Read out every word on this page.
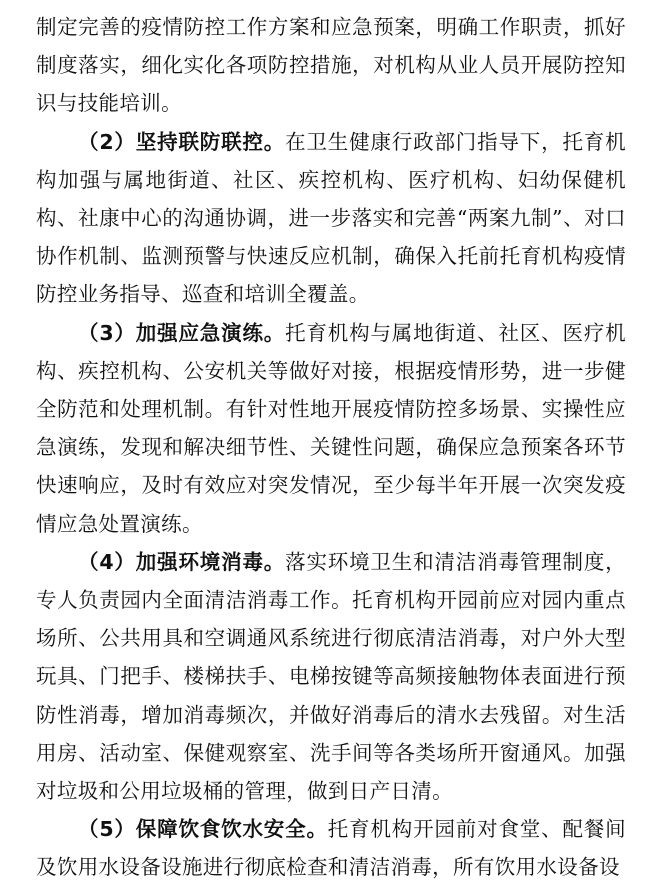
制定完善的疫情防控工作方案和应急预案，明确工作职责，抓好制度落实，细化实化各项防控措施，对机构从业人员开展防控知识与技能培训。

（2）坚持联防联控。在卫生健康行政部门指导下，托育机构加强与属地街道、社区、疾控机构、医疗机构、妇幼保健机构、社康中心的沟通协调，进一步落实和完善“两案九制”、对口协作机制、监测预警与快速反应机制，确保入托前托育机构疫情防控业务指导、巡查和培训全覆盖。

（3）加强应急演练。托育机构与属地街道、社区、医疗机构、疾控机构、公安机关等做好对接，根据疫情形势，进一步健全防范和处理机制。有针对性地开展疫情防控多场景、实操性应急演练，发现和解决细节性、关键性问题，确保应急预案各环节快速响应，及时有效应对突发情况，至少每半年开展一次突发疫情应急处置演练。

（4）加强环境消毒。落实环境卫生和清洁消毒管理制度，专人负责园内全面清洁消毒工作。托育机构开园前应对园内重点场所、公共用具和空调通风系统进行彻底清洁消毒，对户外大型玩具、门把手、楼梯扶手、电梯按键等高频接触物体表面进行预防性消毒，增加消毒频次，并做好消毒后的清水去残留。对生活用房、活动室、保健观察室、洗手间等各类场所开窗通风。加强对垃圾和公用垃圾桶的管理，做到日产日清。

（5）保障饮食饮水安全。托育机构开园前对食堂、配餐间及饮用水设备设施进行彻底检查和清洁消毒，所有饮用水设备设
